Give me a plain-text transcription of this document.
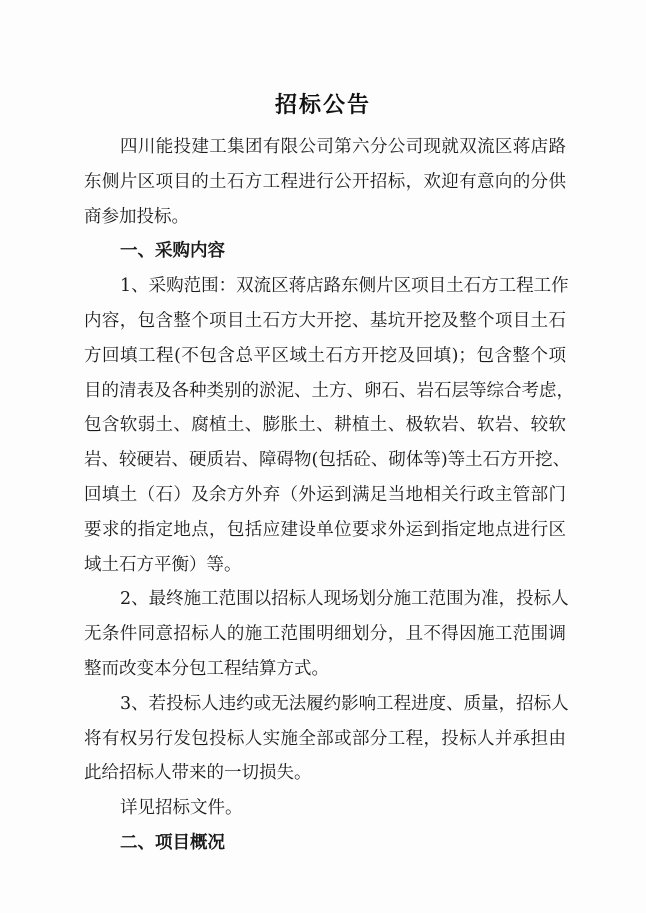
招标公告
四川能投建工集团有限公司第六分公司现就双流区蒋店路
东侧片区项目的土石方工程进行公开招标，欢迎有意向的分供
商参加投标。
一、采购内容
1、采购范围：双流区蒋店路东侧片区项目土石方工程工作
内容，包含整个项目土石方大开挖、基坑开挖及整个项目土石
方回填工程(不包含总平区域土石方开挖及回填)；包含整个项
目的清表及各种类别的淤泥、土方、卵石、岩石层等综合考虑，
包含软弱土、腐植土、膨胀土、耕植土、极软岩、软岩、较软
岩、较硬岩、硬质岩、障碍物(包括砼、砌体等)等土石方开挖、
回填土（石）及余方外弃（外运到满足当地相关行政主管部门
要求的指定地点，包括应建设单位要求外运到指定地点进行区
域土石方平衡）等。
2、最终施工范围以招标人现场划分施工范围为准，投标人
无条件同意招标人的施工范围明细划分，且不得因施工范围调
整而改变本分包工程结算方式。
3、若投标人违约或无法履约影响工程进度、质量，招标人
将有权另行发包投标人实施全部或部分工程，投标人并承担由
此给招标人带来的一切损失。
详见招标文件。
二、项目概况
